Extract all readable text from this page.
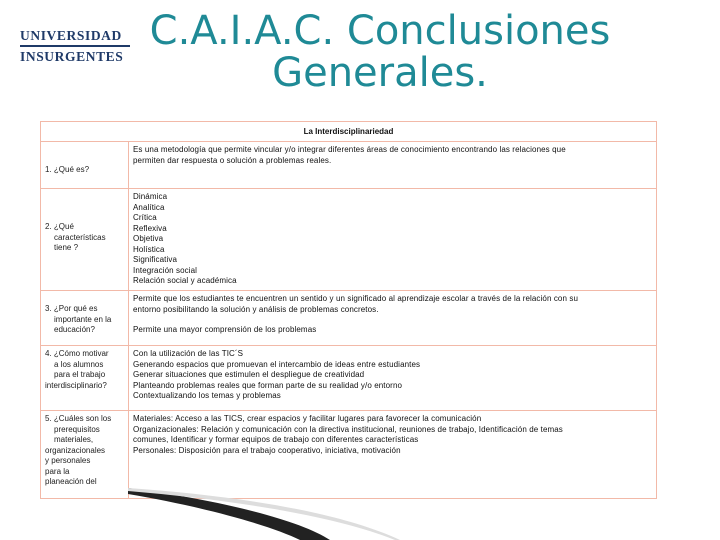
UNIVERSIDAD
INSURGENTES
C.A.I.A.C. Conclusiones
Generales.
La Interdisciplinariedad
1. ¿Qué es?
Es una metodología que permite vincular y/o integrar diferentes áreas de conocimiento encontrando las relaciones que
permiten dar respuesta o solución a problemas reales.
2. ¿Qué
características
tiene ?
Dinámica
Analítica
Crítica
Reflexiva
Objetiva
Holística
Significativa
Integración social
Relación social y académica
3. ¿Por qué es
importante en la
educación?
Permite que los estudiantes te encuentren un sentido y un significado al aprendizaje escolar a través de la relación con su
entorno posibilitando la solución y análisis de problemas concretos.
Permite una mayor comprensión de los problemas
4. ¿Cómo motivar
a los alumnos
para el trabajo
interdisciplinario?
Con la utilización de las TIC´S
Generando espacios que promuevan el intercambio de ideas entre estudiantes
Generar situaciones que estimulen el despliegue de creatividad
Planteando problemas reales que forman parte de su realidad y/o entorno
Contextualizando los temas y problemas
5. ¿Cuáles son los
prerequisitos
materiales,
organizacionales
y personales
para la
planeación del
Materiales: Acceso a las TICS, crear espacios y facilitar lugares para favorecer la comunicación
Organizacionales: Relación y comunicación con la directiva institucional, reuniones de trabajo, Identificación de temas
comunes, Identificar y formar equipos de trabajo con diferentes características
Personales: Disposición para el trabajo cooperativo, iniciativa, motivación
